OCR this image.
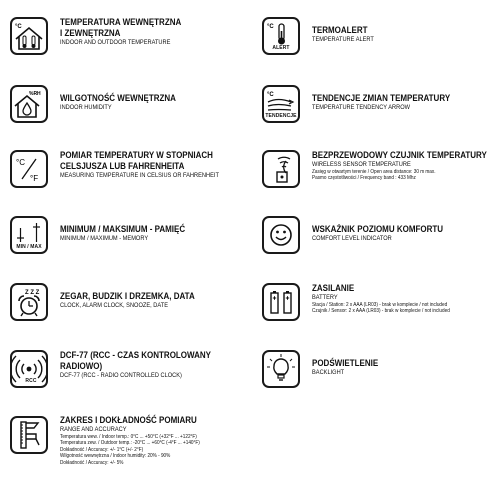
°C	TEMPERATURA WEWNĘTRZNA
I ZEWNĘTRZNA
INDOOR AND OUTDOOR TEMPERATURE
%RH WILGOTNOŚĆ WEWNĘTRZNA
INDOOR HUMIDITY
°C
°F
POMIAR TEMPERATURY W STOPNIACH
CELSJUSZA LUB FAHRENHEITA
MEASURING TEMPERATURE IN CELSIUS OR FAHRENHEIT
MIN / MAX
MINIMUM / MAKSIMUM - PAMIĘĆ
MINIMUM / MAXIMUM - MEMORY
Z Z Z ZEGAR, BUDZIK I DRZEMKA, DATA
CLOCK, ALARM CLOCK, SNOOZE, DATE
RCC
DCF-77 (RCC - CZAS KONTROLOWANY
RADIOWO)
DCF-77 (RCC - RADIO CONTROLLED CLOCK)
ZAKRES I DOKŁADNOŚĆ POMIARU
RANGE AND ACCURACY
Temperatura wew. / Indoor temp.: 0°C ... +50°C (+32°F ... +122°F)
Temperatura zew. / Outdoor temp.: -20°C ... +60°C (-4°F ... +140°F)
Dokładność / Accuracy: +/- 1°C (+/- 2°F)
Wilgotność wewnętrzna / Indoor humidity: 20% - 90%
Dokładność / Accuracy: +/- 5%
°C
ALERT
TERMOALERT
TEMPERATURE ALERT
°C
TENDENCJE
TENDENCJE ZMIAN TEMPERATURY
TEMPERATURE TENDENCY ARROW
BEZPRZEWODOWY CZUJNIK TEMPERATURY
WIRELESS SENSOR TEMPERATURE
Zasięg w otwartym terenie / Open area distance: 30 m max.
Pasmo częstotliwości / Frequency band : 433 Mhz
WSKAŹNIK POZIOMU KOMFORTU
COMFORT LEVEL INDICATOR
ZASILANIE
BATTERY
Stacja / Station: 2 x AAA (LR03) - brak w komplecie / not included
Czujnik / Sensor: 2 x AAA (LR03) - brak w komplecie / not included
PODŚWIETLENIE
BACKLIGHT
